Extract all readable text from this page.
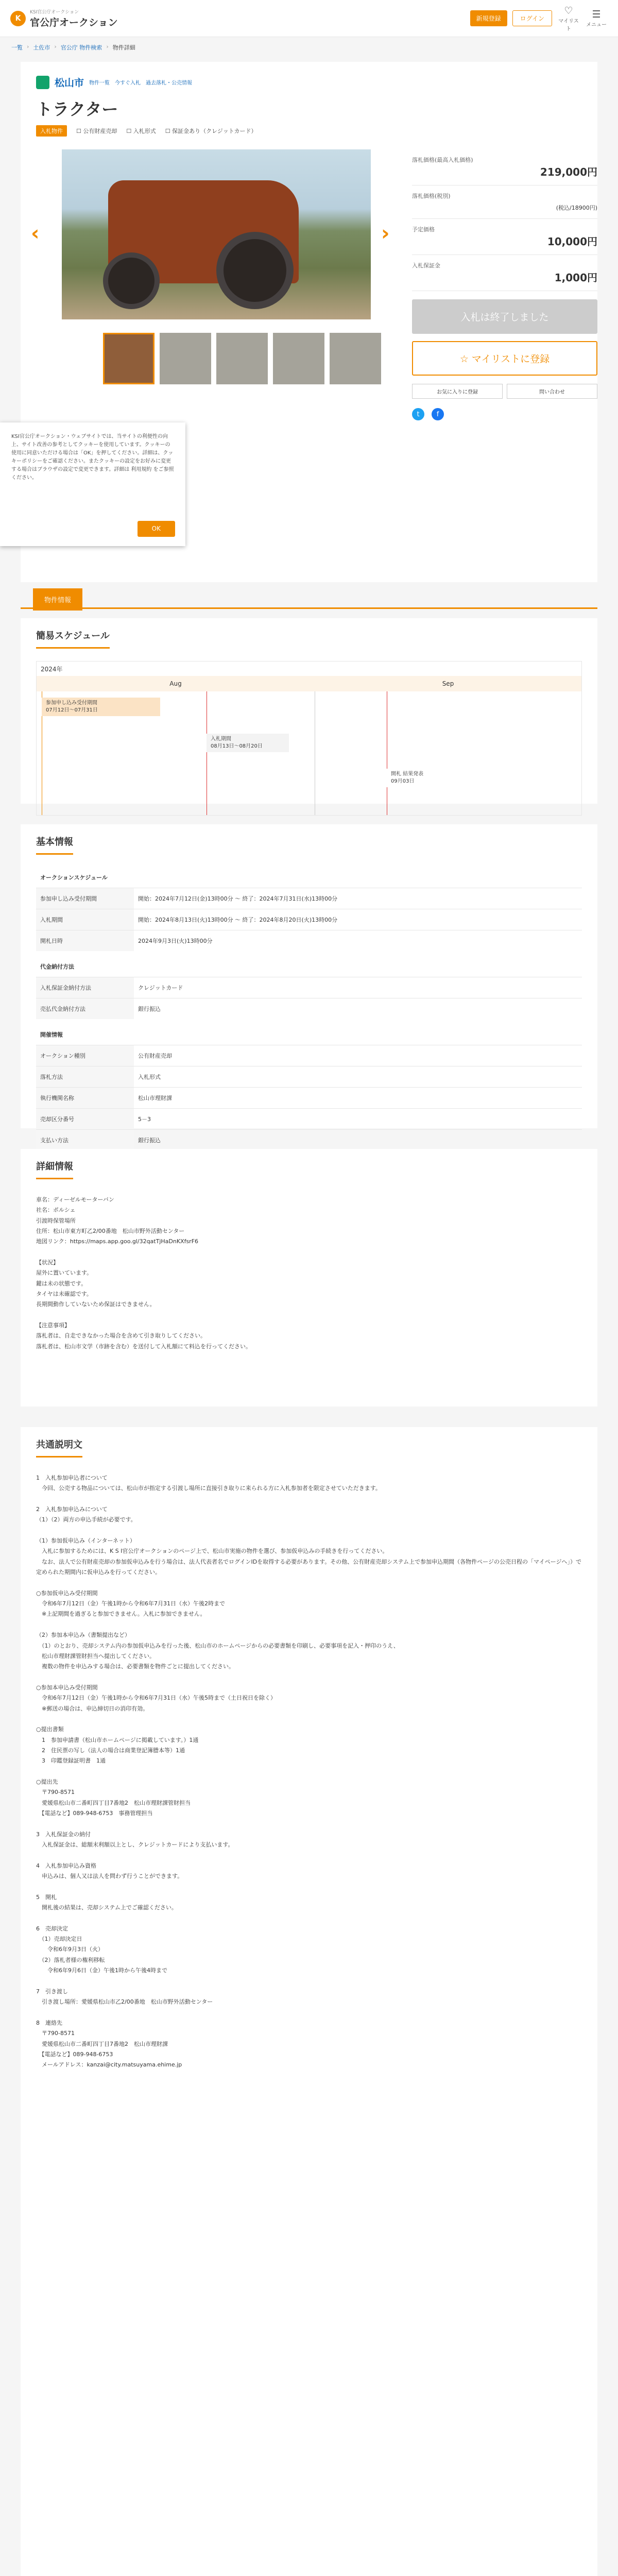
K
KSI官公庁オークション
官公庁オークション	新規登録	ログイン
♡
マイリスト
☰
メニュー
一覧 › 土佐市 › 官公庁 物件検索 › 物件詳細
松山市 物件一覧 今すぐ入札 過去落札・公売情報
トラクター
入札物件	☐ 公有財産売却 ☐ 入札形式 ☐ 保証金あり（クレジットカード）
‹	›
落札価格(最高入札価格)
219,000円
落札価格(税別)
(税込/18900円)
予定価格
10,000円
入札保証金
1,000円
入札は終了しました
☆ マイリストに登録
お気に入りに登録	問い合わせ
t	f
KSI官公庁オークション・ウェブサイトでは、当サイトの利便性の向上、サイト改善の参考としてクッキーを使用しています。クッキーの使用に同意いただける場合は「OK」を押してください。詳細は、クッキーポリシーをご確認ください。またクッキーの設定をお好みに変更する場合はブラウザの設定で変更できます。詳細は 利用規約 をご参照ください。
OK
物件情報
簡易スケジュール
2024年
Aug	Sep
参加申し込み受付期間
07月12日～07月31日
入札期間
08月13日～08月20日
開札 結果発表
09月03日
基本情報
オークションスケジュール	
参加申し込み受付期間	開始：2024年7月12日(金)13時00分 ～ 終了：2024年7月31日(水)13時00分
入札期間	開始：2024年8月13日(火)13時00分 ～ 終了：2024年8月20日(火)13時00分
開札日時	2024年9月3日(火)13時00分
代金納付方法	
入札保証金納付方法	クレジットカード
売払代金納付方法	銀行振込
開催情報	
オークション種別	公有財産売却
落札方法	入札形式
執行機関名称	松山市理財課
売却区分番号	5－3
支払い方法	銀行振込
詳細情報
車名：ディーゼルモーターバン
社名：ポルシェ
引渡時保管場所
住所：松山市東方町乙2/00番地　松山市野外活動センター
地図リンク：https://maps.app.goo.gl/32qatTjHaDnKXfsrF6

【状況】
屋外に置いています。
鍵は未の状態です。
タイヤは未確認です。
長期間動作していないため保証はできません。

【注意事項】
落札者は、自走できなかった場合を含めて引き取りしてください。
落札者は、松山市文学（市跡を含む）を送付して入札額にて料込を行ってください。
共通説明文
1　入札参加申込者について
　今回、公売する物品については、松山市が指定する引渡し場所に直接引き取りに来られる方に入札参加者を限定させていただきます。

2　入札参加申込みについて
（1）（2）両方の申込手続が必要です。

（1）参加仮申込み（インターネット）
　入札に参加するためには、K S I官公庁オークションのページ上で、松山市実施の物件を選び、参加仮申込みの手続きを行ってください。
　なお、法人で公有財産売却の参加仮申込みを行う場合は、法人代表者名でログインIDを取得する必要があります。その他、公有財産売却システム上で参加申込期間（各物件ページの公売日程の「マイページへ」）で定められた期間内に仮申込みを行ってください。

○参加仮申込み受付期間
　令和6年7月12日（金）午後1時から令和6年7月31日（水）午後2時まで
　※上記期間を過ぎると参加できません。入札に参加できません。

（2）参加本申込み（書類提出など）
　（1）のとおり、売却システム内の参加仮申込みを行った後、松山市のホームページからの必要書類を印刷し、必要事項を記入・押印のうえ、
　松山市理財課管財担当へ提出してください。
　複数の物件を申込みする場合は、必要書類を物件ごとに提出してください。

○参加本申込み受付期間
　令和6年7月12日（金）午後1時から令和6年7月31日（水）午後5時まで（土日祝日を除く）
　※郵送の場合は、申込締切日の消印有効。

○提出書類
　1　参加申請書（松山市ホームページに掲載しています。）1通
　2　住民票の写し（法人の場合は商業登記簿謄本等）1通
　3　印鑑登録証明書　1通

○提出先
　〒790-8571
　愛媛県松山市二番町四丁目7番地2　松山市理財課管財担当
　【電話など】089-948-6753　事務管理担当

3　入札保証金の納付
　入札保証金は、総額末利額以上とし、クレジットカードにより支払います。

4　入札参加申込み資格
　申込みは、個人又は法人を問わず行うことができます。

5　開札
　開札後の結果は、売却システム上でご確認ください。

6　売却決定
　（1）売却決定日
　　令和6年9月3日（火）
　（2）落札者様の権利移転
　　令和6年9月6日（金）午後1時から午後4時まで

7　引き渡し
　引き渡し場所：愛媛県松山市乙2/00番地　松山市野外活動センター

8　連絡先
　〒790-8571
　愛媛県松山市二番町四丁目7番地2　松山市理財課
　【電話など】089-948-6753
　メールアドレス：kanzai@city.matsuyama.ehime.jp
